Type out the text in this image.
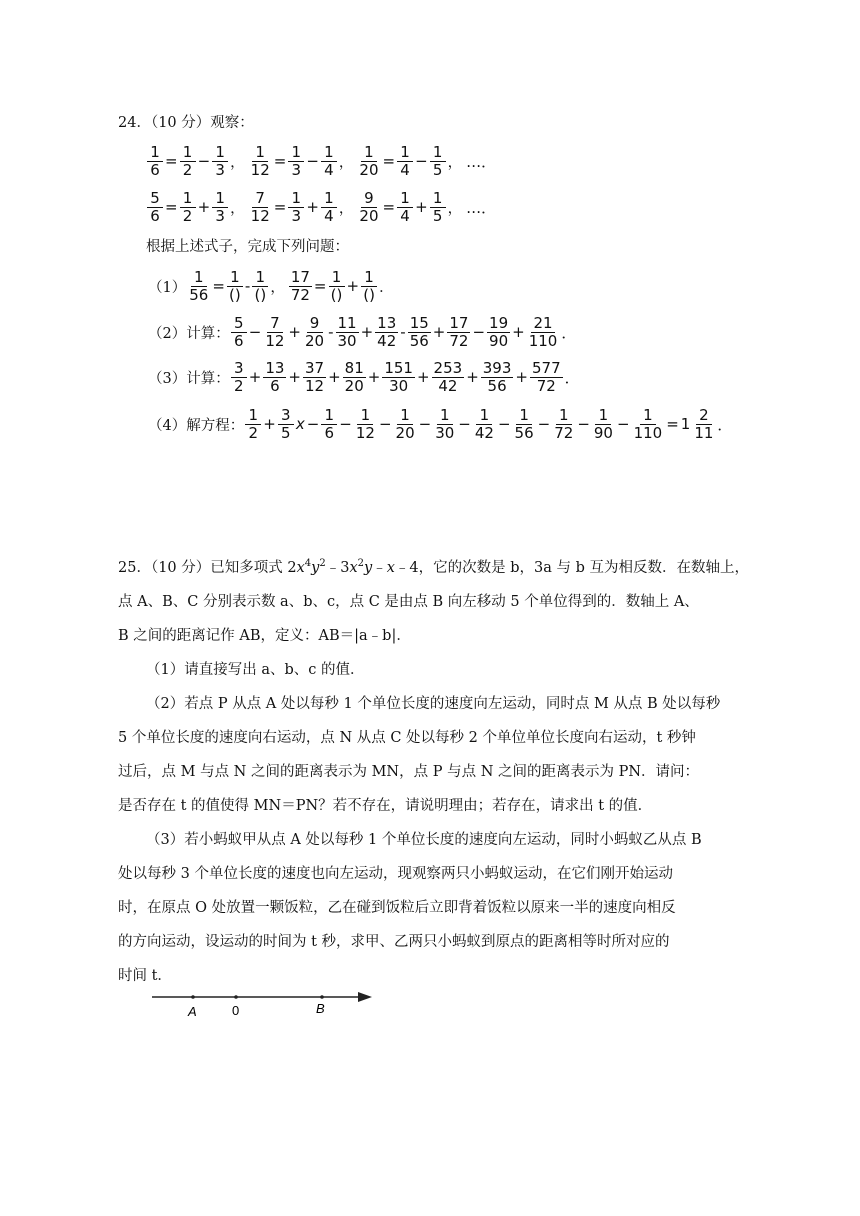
24．（10 分）观察：
$\frac{1}{6} = \frac{1}{2} - \frac{1}{3}$ ， $\frac{1}{12} = \frac{1}{3} - \frac{1}{4}$ ， $\frac{1}{20} = \frac{1}{4} - \frac{1}{5}$ ， …．
$\frac{5}{6} = \frac{1}{2} + \frac{1}{3}$ ， $\frac{7}{12} = \frac{1}{3} + \frac{1}{4}$ ， $\frac{9}{20} = \frac{1}{4} + \frac{1}{5}$ ， …．
根据上述式子，完成下列问题：
$(1) \frac{1}{56} = \frac{1}{()} - \frac{1}{()}$ ， $\frac{17}{72} = \frac{1}{()} + \frac{1}{()}$ ．
（2）计算： $\frac{5}{6} - \frac{7}{12} + \frac{9}{20} - \frac{11}{30} + \frac{13}{42} - \frac{15}{56} + \frac{17}{72} - \frac{19}{90} + \frac{21}{110}$ ．
（3）计算： $\frac{3}{2} + \frac{13}{6} + \frac{37}{12} + \frac{81}{20} + \frac{151}{30} + \frac{253}{42} + \frac{393}{56} + \frac{577}{72}$ ．
（4）解方程： $\frac{1}{2} + \frac{3}{5}$ $x - \frac{1}{6} - \frac{1}{12} - \frac{1}{20} - \frac{1}{30} - \frac{1}{42} - \frac{1}{56} - \frac{1}{72} - \frac{1}{90} - \frac{1}{110} = 1 \frac{2}{11}$ ．
25．（10 分）已知多项式 $2x^4y^2﹣3x^2y﹣x﹣4$，它的次数是 b，3a 与 b 互为相反数．在数轴上，
点 A、B、C 分别表示数 a、b、c，点 C 是由点 B 向左移动 5 个单位得到的．数轴上 A、
B 之间的距离记作 AB，定义：AB＝|a﹣b|．
（1）请直接写出 a、b、c 的值．
（2）若点 P 从点 A 处以每秒 1 个单位长度的速度向左运动，同时点 M 从点 B 处以每秒
5 个单位长度的速度向右运动，点 N 从点 C 处以每秒 2 个单位单位长度向右运动，t 秒钟
过后，点 M 与点 N 之间的距离表示为 MN，点 P 与点 N 之间的距离表示为 PN．请问：
是否存在 t 的值使得 MN＝PN？若不存在，请说明理由；若存在，请求出 t 的值．
（3）若小蚂蚁甲从点 A 处以每秒 1 个单位长度的速度向左运动，同时小蚂蚁乙从点 B
处以每秒 3 个单位长度的速度也向左运动，现观察两只小蚂蚁运动，在它们刚开始运动
时，在原点 O 处放置一颗饭粒，乙在碰到饭粒后立即背着饭粒以原来一半的速度向相反
的方向运动，设运动的时间为 t 秒，求甲、乙两只小蚂蚁到原点的距离相等时所对应的
时间 t．
A	0	B
